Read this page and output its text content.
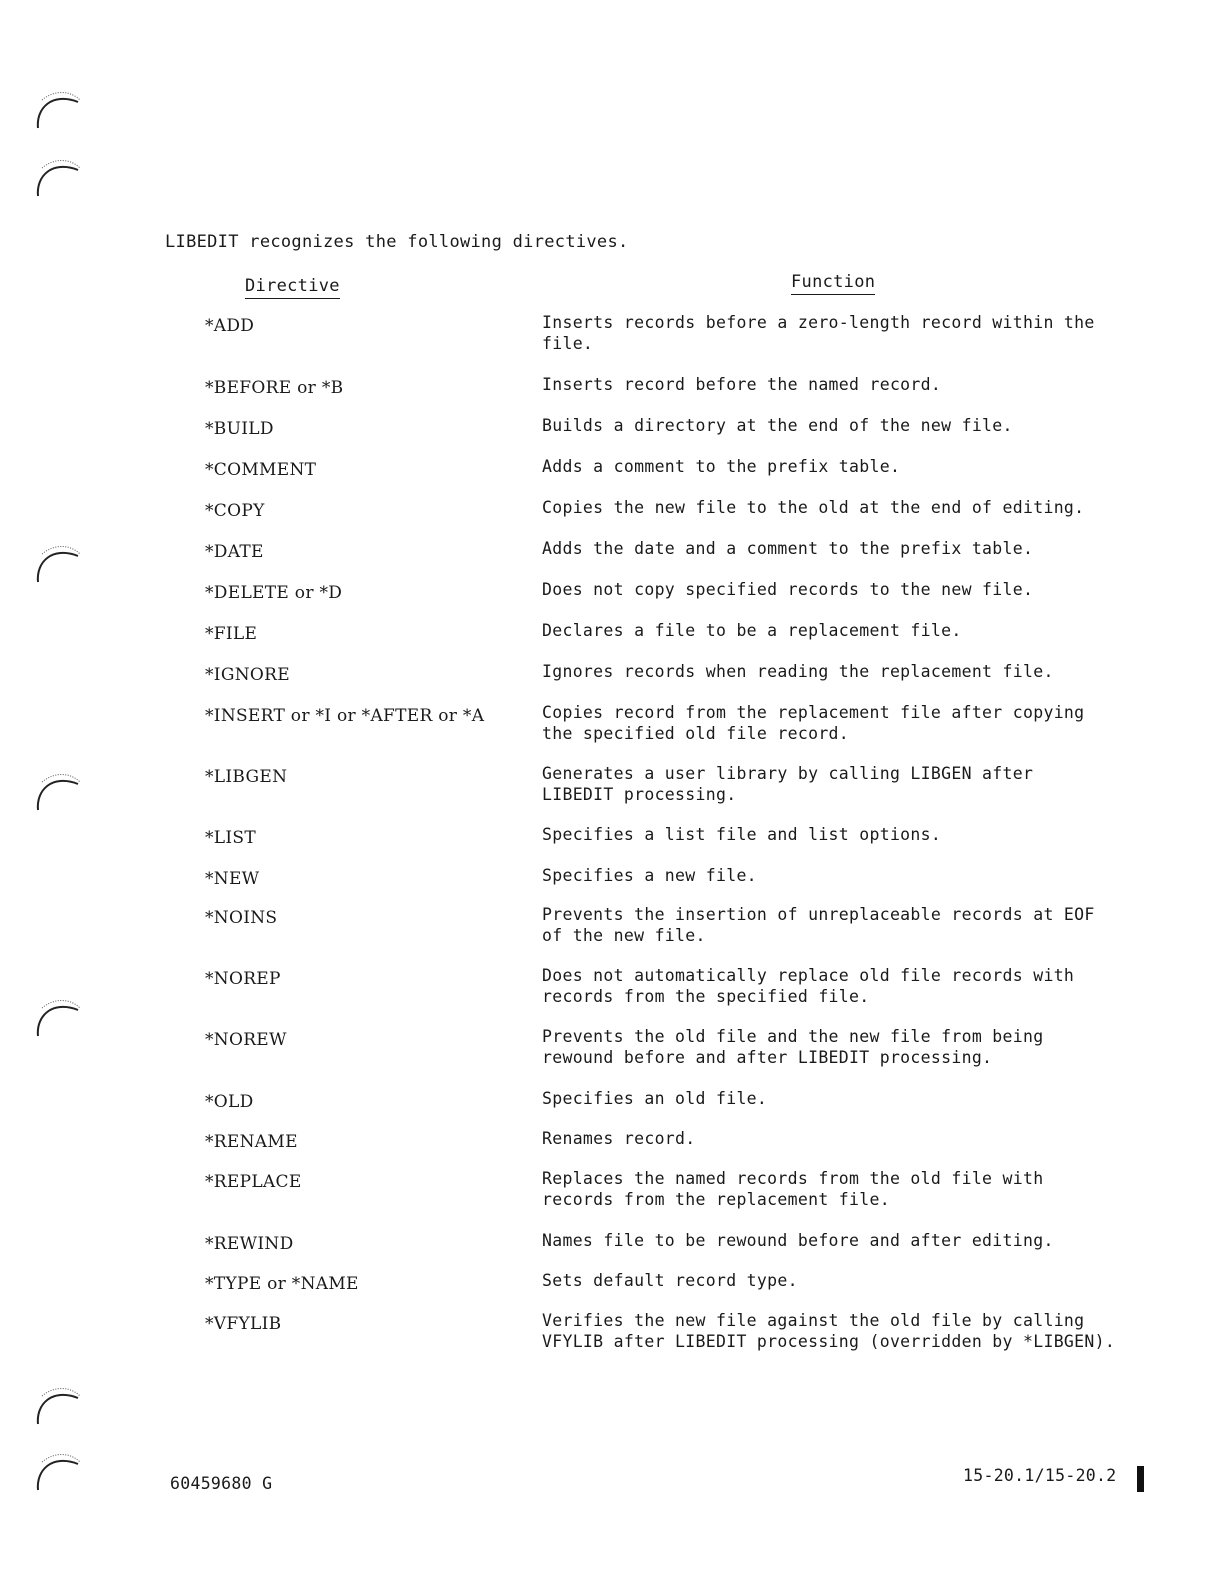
LIBEDIT recognizes the following directives.
Directive	Function
*ADD	Inserts records before a zero-length record within the
file.
*BEFORE or *B	Inserts record before the named record.
*BUILD	Builds a directory at the end of the new file.
*COMMENT	Adds a comment to the prefix table.
*COPY	Copies the new file to the old at the end of editing.
*DATE	Adds the date and a comment to the prefix table.
*DELETE or *D	Does not copy specified records to the new file.
*FILE	Declares a file to be a replacement file.
*IGNORE	Ignores records when reading the replacement file.
*INSERT or *I or *AFTER or *A	Copies record from the replacement file after copying
the specified old file record.
*LIBGEN	Generates a user library by calling LIBGEN after
LIBEDIT processing.
*LIST	Specifies a list file and list options.
*NEW	Specifies a new file.
*NOINS	Prevents the insertion of unreplaceable records at EOF
of the new file.
*NOREP	Does not automatically replace old file records with
records from the specified file.
*NOREW	Prevents the old file and the new file from being
rewound before and after LIBEDIT processing.
*OLD	Specifies an old file.
*RENAME	Renames record.
*REPLACE	Replaces the named records from the old file with
records from the replacement file.
*REWIND	Names file to be rewound before and after editing.
*TYPE or *NAME	Sets default record type.
*VFYLIB	Verifies the new file against the old file by calling
VFYLIB after LIBEDIT processing (overridden by *LIBGEN).
60459680 G	15-20.1/15-20.2
